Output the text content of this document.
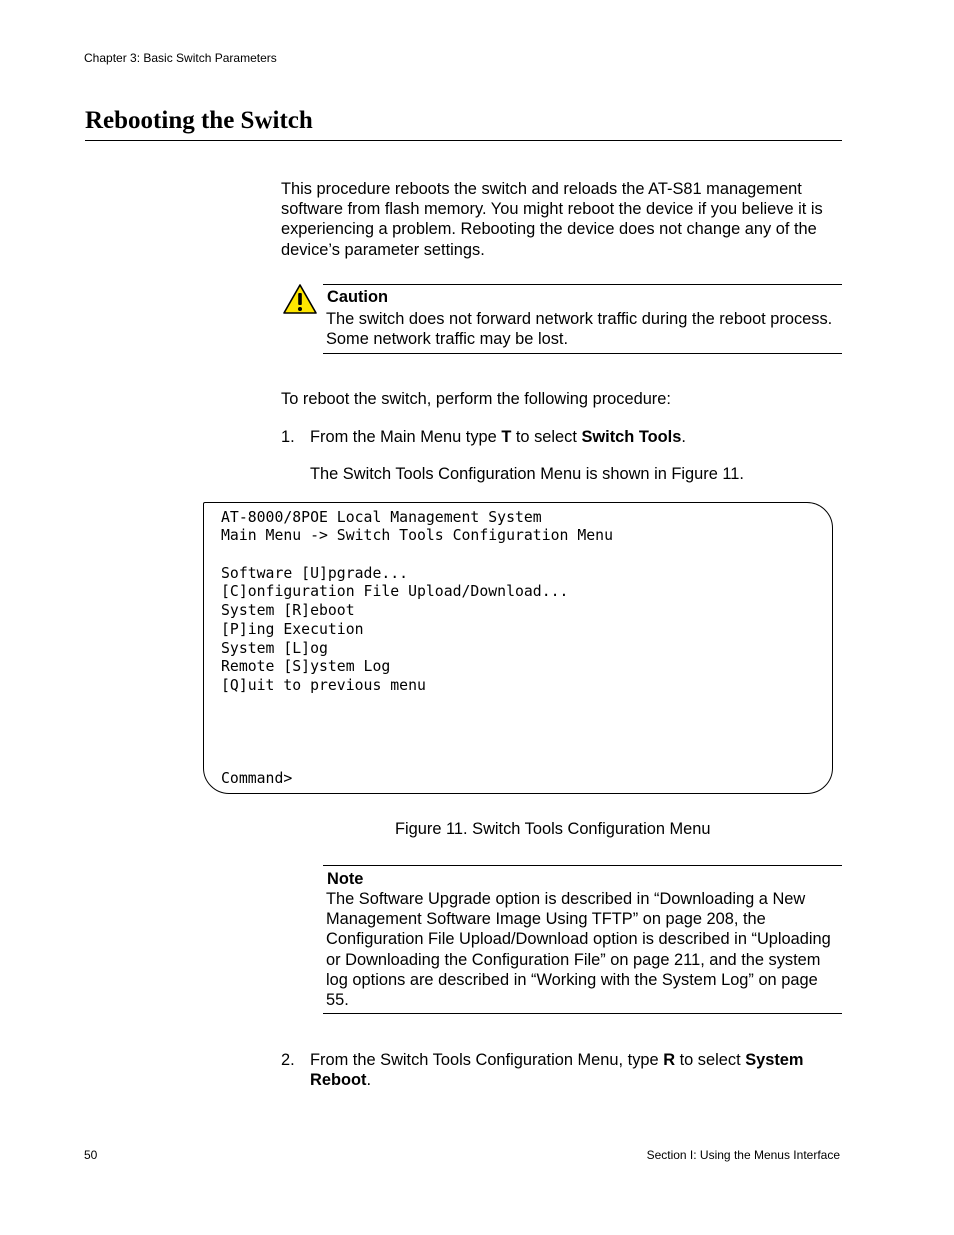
Chapter 3: Basic Switch Parameters
Rebooting the Switch

This procedure reboots the switch and reloads the AT-S81 management software from flash memory. You might reboot the device if you believe it is experiencing a problem. Rebooting the device does not change any of the device’s parameter settings.

Caution
The switch does not forward network traffic during the reboot process. Some network traffic may be lost.

To reboot the switch, perform the following procedure:

1. From the Main Menu type T to select Switch Tools.

The Switch Tools Configuration Menu is shown in Figure 11.

AT-8000/8POE Local Management System
Main Menu -> Switch Tools Configuration Menu
Software [U]pgrade...
[C]onfiguration File Upload/Download...
System [R]eboot
[P]ing Execution
System [L]og
Remote [S]ystem Log
[Q]uit to previous menu
Command>
Figure 11. Switch Tools Configuration Menu
Note
The Software Upgrade option is described in “Downloading a New Management Software Image Using TFTP” on page 208, the Configuration File Upload/Download option is described in “Uploading or Downloading the Configuration File” on page 211, and the system log options are described in “Working with the System Log” on page 55.
2. From the Switch Tools Configuration Menu, type R to select System Reboot.

50	Section I: Using the Menus Interface
